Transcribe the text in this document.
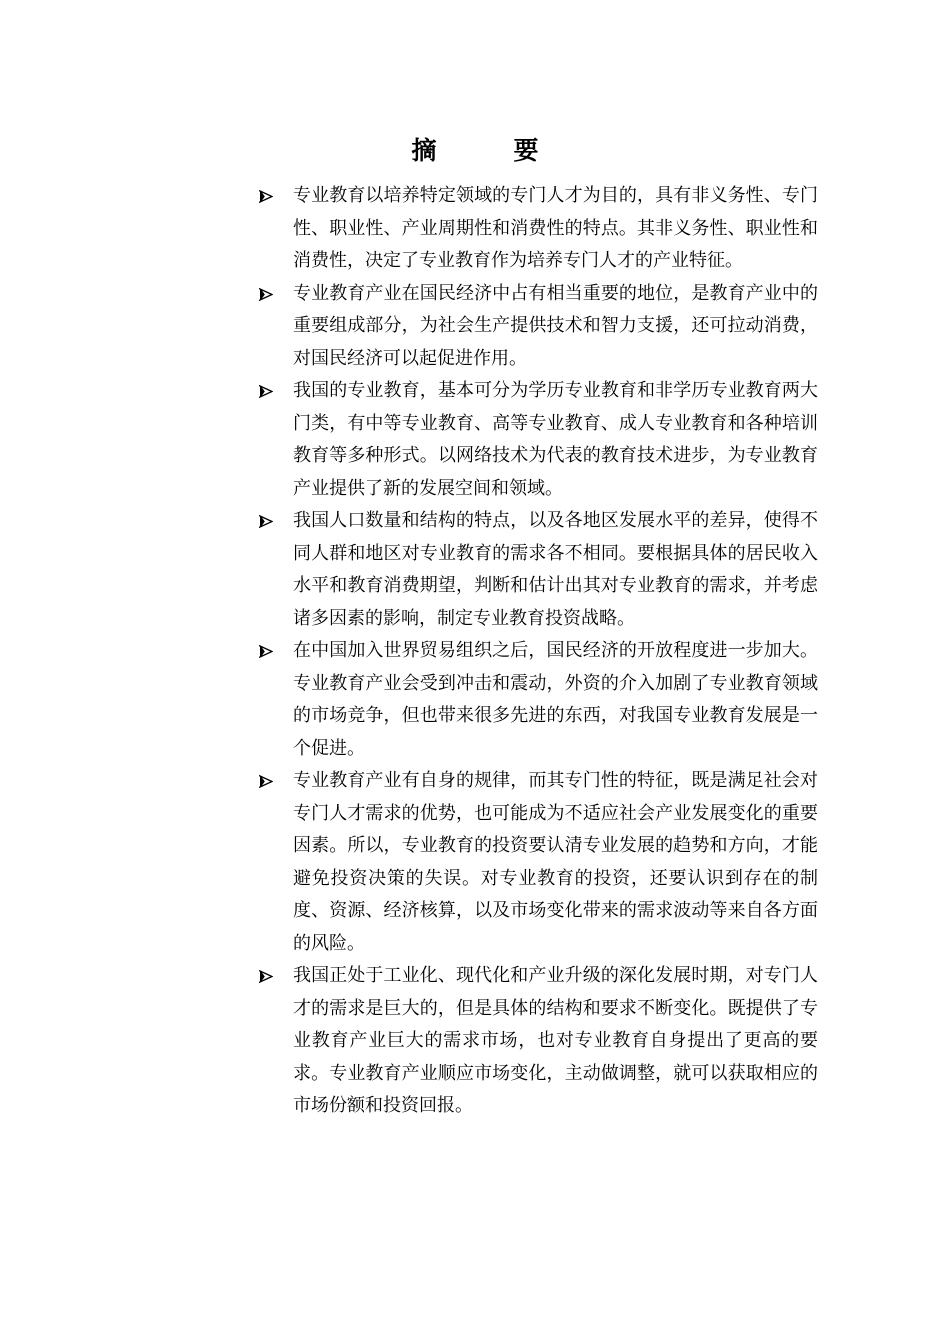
摘　要
专业教育以培养特定领域的专门人才为目的，具有非义务性、专门性、职业性、产业周期性和消费性的特点。其非义务性、职业性和消费性，决定了专业教育作为培养专门人才的产业特征。
专业教育产业在国民经济中占有相当重要的地位，是教育产业中的重要组成部分，为社会生产提供技术和智力支援，还可拉动消费，对国民经济可以起促进作用。
我国的专业教育，基本可分为学历专业教育和非学历专业教育两大门类，有中等专业教育、高等专业教育、成人专业教育和各种培训教育等多种形式。以网络技术为代表的教育技术进步，为专业教育产业提供了新的发展空间和领域。
我国人口数量和结构的特点，以及各地区发展水平的差异，使得不同人群和地区对专业教育的需求各不相同。要根据具体的居民收入水平和教育消费期望，判断和估计出其对专业教育的需求，并考虑诸多因素的影响，制定专业教育投资战略。
在中国加入世界贸易组织之后，国民经济的开放程度进一步加大。专业教育产业会受到冲击和震动，外资的介入加剧了专业教育领域的市场竞争，但也带来很多先进的东西，对我国专业教育发展是一个促进。
专业教育产业有自身的规律，而其专门性的特征，既是满足社会对专门人才需求的优势，也可能成为不适应社会产业发展变化的重要因素。所以，专业教育的投资要认清专业发展的趋势和方向，才能避免投资决策的失误。对专业教育的投资，还要认识到存在的制度、资源、经济核算，以及市场变化带来的需求波动等来自各方面的风险。
我国正处于工业化、现代化和产业升级的深化发展时期，对专门人才的需求是巨大的，但是具体的结构和要求不断变化。既提供了专业教育产业巨大的需求市场，也对专业教育自身提出了更高的要求。专业教育产业顺应市场变化，主动做调整，就可以获取相应的市场份额和投资回报。
